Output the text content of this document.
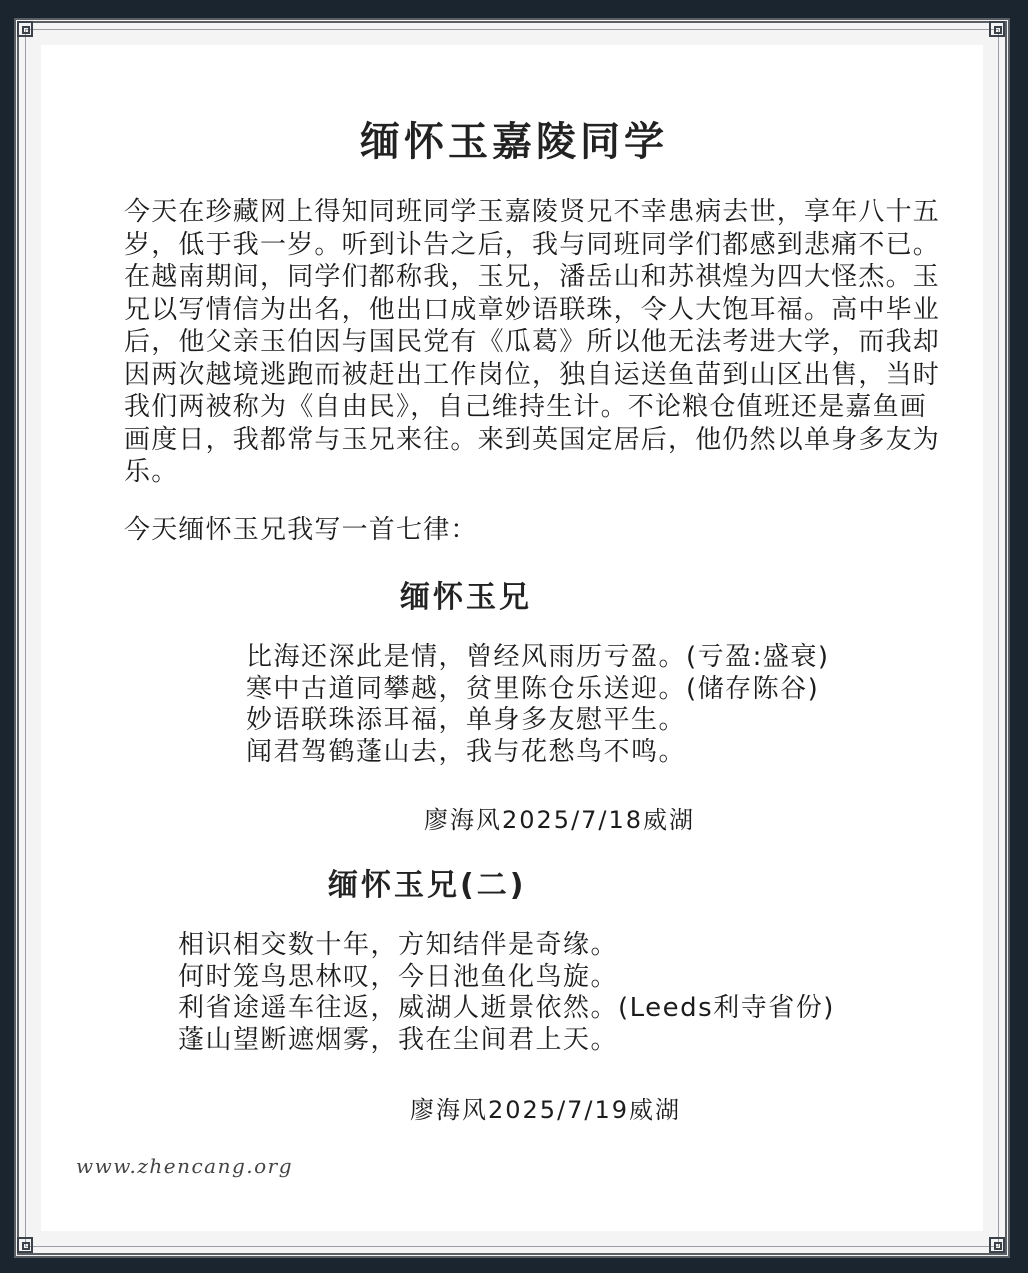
缅怀玉嘉陵同学
今天在珍藏网上得知同班同学玉嘉陵贤兄不幸患病去世，享年八十五岁，低于我一岁。听到讣告之后，我与同班同学们都感到悲痛不已。在越南期间，同学们都称我，玉兄，潘岳山和苏祺煌为四大怪杰。玉兄以写情信为出名，他出口成章妙语联珠，令人大饱耳福。高中毕业后，他父亲玉伯因与国民党有《瓜葛》所以他无法考进大学，而我却因两次越境逃跑而被赶出工作岗位，独自运送鱼苗到山区出售，当时我们两被称为《自由民》，自己维持生计。不论粮仓值班还是嘉鱼画画度日，我都常与玉兄来往。来到英国定居后，他仍然以单身多友为乐。
今天缅怀玉兄我写一首七律：
缅怀玉兄
比海还深此是情，曾经风雨历亏盈。(亏盈:盛衰)
寒中古道同攀越，贫里陈仓乐送迎。(储存陈谷)
妙语联珠添耳福，单身多友慰平生。
闻君驾鹤蓬山去，我与花愁鸟不鸣。
廖海风2025/7/18威湖
缅怀玉兄(二)
相识相交数十年，方知结伴是奇缘。
何时笼鸟思林叹，今日池鱼化鸟旋。
利省途遥车往返，威湖人逝景依然。(Leeds利寺省份)
蓬山望断遮烟雾，我在尘间君上天。
廖海风2025/7/19威湖
www.zhencang.org
